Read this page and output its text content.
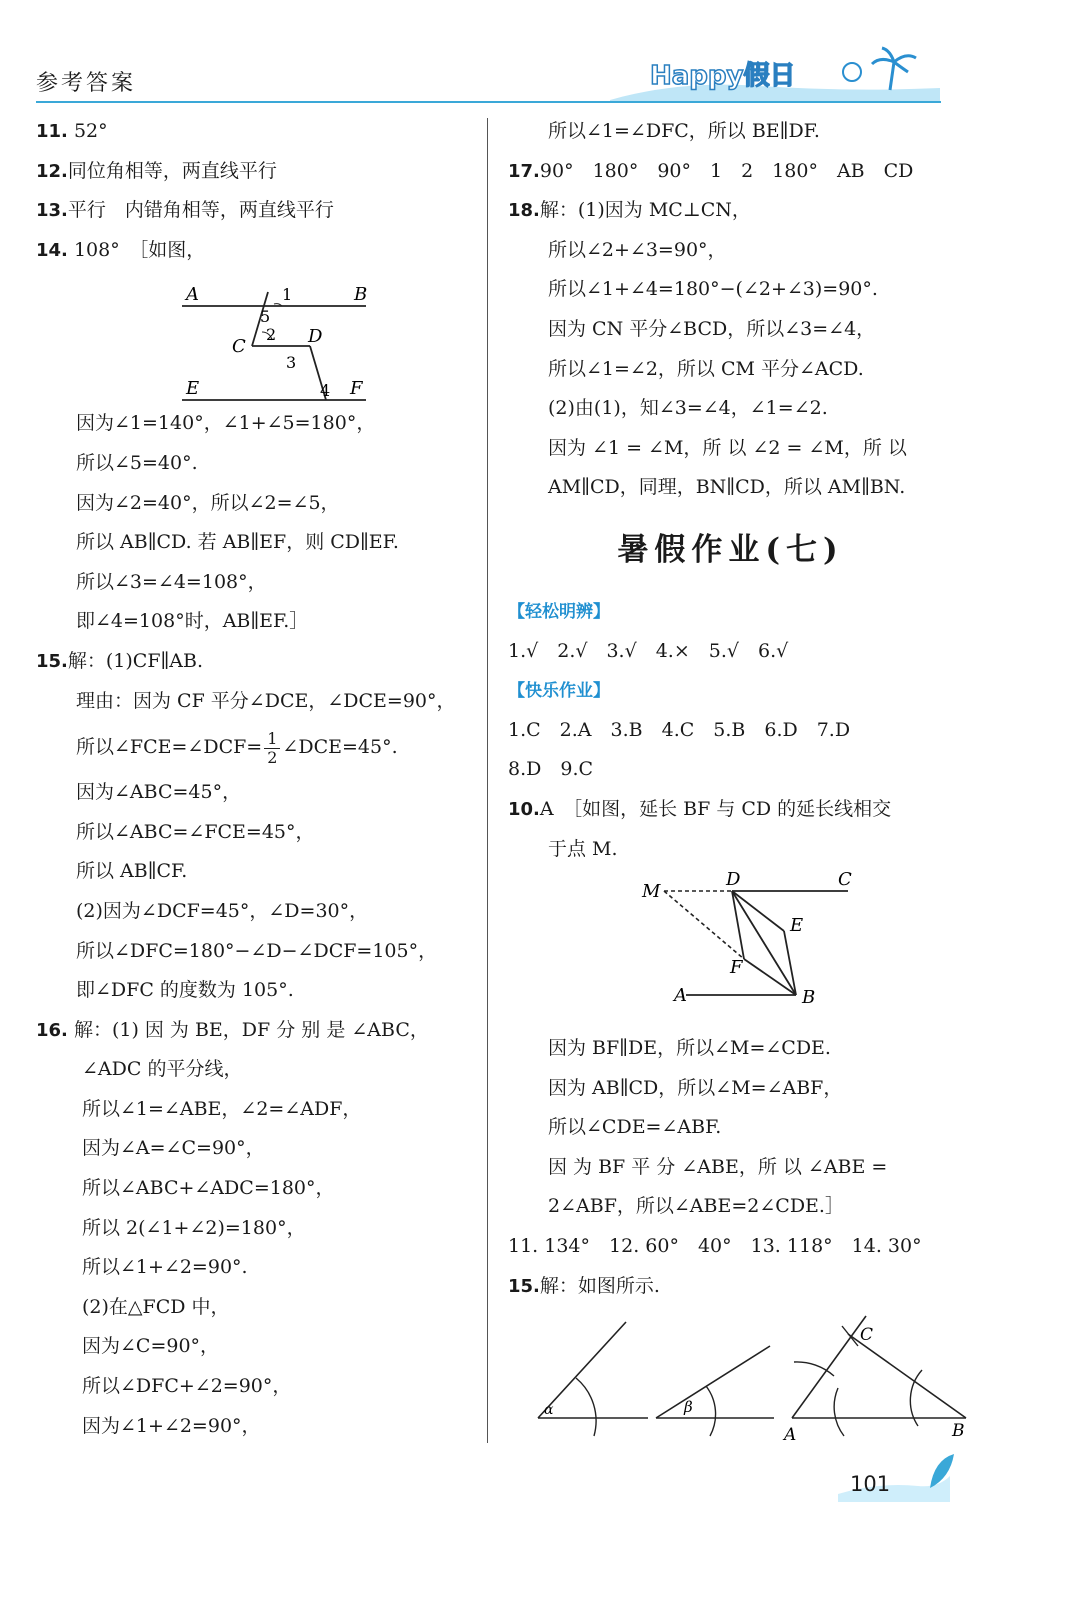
参考答案	Happy假日
11. 52°
12.同位角相等，两直线平行
13.平行　内错角相等，两直线平行
14. 108°　［如图，
A	B
C	D
E	F
1
5
2
3
4
因为∠1=140°，∠1+∠5=180°，
所以∠5=40°.
因为∠2=40°，所以∠2=∠5，
所以 AB∥CD. 若 AB∥EF，则 CD∥EF.
所以∠3=∠4=108°，
即∠4=108°时，AB∥EF.］
15.解：(1)CF∥AB.
理由：因为 CF 平分∠DCE，∠DCE=90°，
所以∠FCE=∠DCF= $\frac{1}{2}$ ∠DCE=45°.
因为∠ABC=45°，
所以∠ABC=∠FCE=45°，
所以 AB∥CF.
(2)因为∠DCF=45°，∠D=30°，
所以∠DFC=180°−∠D−∠DCF=105°，
即∠DFC 的度数为 105°.
16. 解：(1) 因 为 BE，DF 分 别 是 ∠ABC，
∠ADC 的平分线，
所以∠1=∠ABE，∠2=∠ADF，
因为∠A=∠C=90°，
所以∠ABC+∠ADC=180°，
所以 2(∠1+∠2)=180°，
所以∠1+∠2=90°.
(2)在△FCD 中，
因为∠C=90°，
所以∠DFC+∠2=90°，
因为∠1+∠2=90°，
所以∠1=∠DFC，所以 BE∥DF.
17.90°　180°　90°　1　2　180°　AB　CD
18.解：(1)因为 MC⊥CN，
所以∠2+∠3=90°，
所以∠1+∠4=180°−(∠2+∠3)=90°.
因为 CN 平分∠BCD，所以∠3=∠4，
所以∠1=∠2，所以 CM 平分∠ACD.
(2)由(1)，知∠3=∠4，∠1=∠2.
因为 ∠1 = ∠M，所 以 ∠2 = ∠M，所 以
AM∥CD，同理，BN∥CD，所以 AM∥BN.
暑假作业(七)
【轻松明辨】
1.√　2.√　3.√　4.×　5.√　6.√
【快乐作业】
1.C　2.A　3.B　4.C　5.B　6.D　7.D
8.D　9.C
10.A　［如图，延长 BF 与 CD 的延长线相交
于点 M.
M
D	C
E
F
A	B
因为 BF∥DE，所以∠M=∠CDE.
因为 AB∥CD，所以∠M=∠ABF，
所以∠CDE=∠ABF.
因 为 BF 平 分 ∠ABE，所 以 ∠ABE =
2∠ABF，所以∠ABE=2∠CDE.］
11. 134°　12. 60°　40°　13. 118°　14. 30°
15.解：如图所示.
α	β
A	B
C
101
